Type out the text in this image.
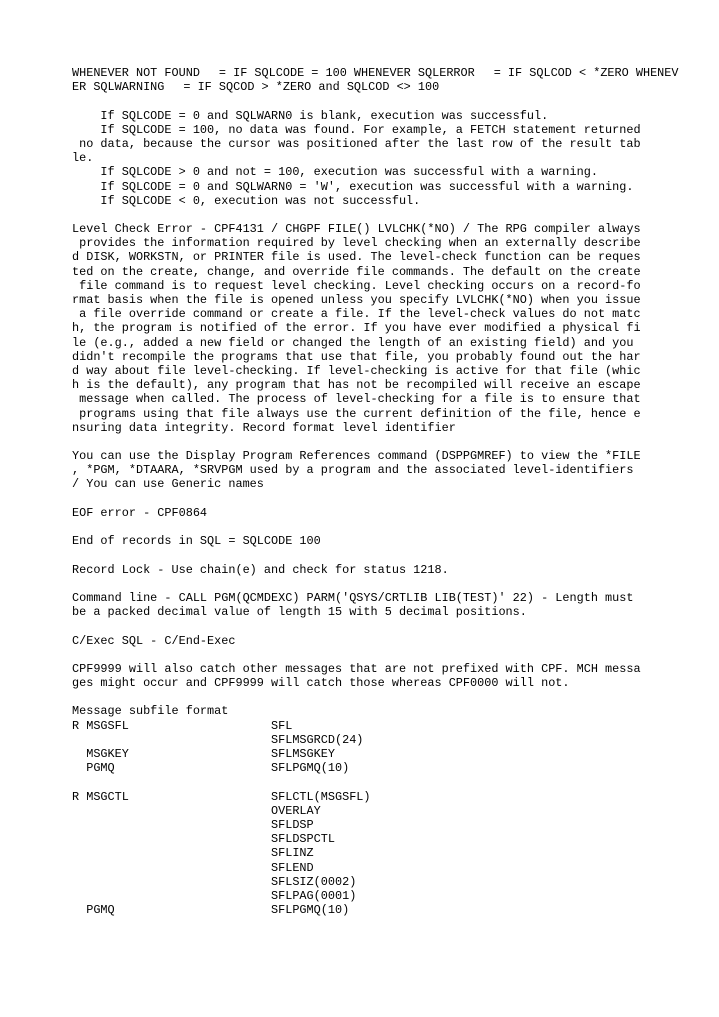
WHENEVER NOT FOUND  = IF SQLCODE = 100 WHENEVER SQLERROR  = IF SQLCOD < *ZERO WHENEV
ER SQLWARNING  = IF SQCOD > *ZERO and SQLCOD <> 100
If SQLCODE = 0 and SQLWARN0 is blank, execution was successful.
If SQLCODE = 100, no data was found. For example, a FETCH statement returned
no data, because the cursor was positioned after the last row of the result tab
le.
If SQLCODE > 0 and not = 100, execution was successful with a warning.
If SQLCODE = 0 and SQLWARN0 = 'W', execution was successful with a warning.
If SQLCODE < 0, execution was not successful.
Level Check Error - CPF4131 / CHGPF FILE() LVLCHK(*NO) / The RPG compiler always
provides the information required by level checking when an externally describe
d DISK, WORKSTN, or PRINTER file is used. The level-check function can be reques
ted on the create, change, and override file commands. The default on the create
file command is to request level checking. Level checking occurs on a record-fo
rmat basis when the file is opened unless you specify LVLCHK(*NO) when you issue
a file override command or create a file. If the level-check values do not matc
h, the program is notified of the error. If you have ever modified a physical fi
le (e.g., added a new field or changed the length of an existing field) and you
didn't recompile the programs that use that file, you probably found out the har
d way about file level-checking. If level-checking is active for that file (whic
h is the default), any program that has not be recompiled will receive an escape
message when called. The process of level-checking for a file is to ensure that
programs using that file always use the current definition of the file, hence e
nsuring data integrity. Record format level identifier
You can use the Display Program References command (DSPPGMREF) to view the *FILE
, *PGM, *DTAARA, *SRVPGM used by a program and the associated level-identifiers
/ You can use Generic names
EOF error - CPF0864
End of records in SQL = SQLCODE 100
Record Lock - Use chain(e) and check for status 1218.
Command line - CALL PGM(QCMDEXC) PARM('QSYS/CRTLIB LIB(TEST)' 22) - Length must
be a packed decimal value of length 15 with 5 decimal positions.
C/Exec SQL - C/End-Exec
CPF9999 will also catch other messages that are not prefixed with CPF. MCH messa
ges might occur and CPF9999 will catch those whereas CPF0000 will not.
Message subfile format
R MSGSFL                    SFL
SFLMSGRCD(24)
MSGKEY                    SFLMSGKEY
PGMQ                      SFLPGMQ(10)
R MSGCTL                    SFLCTL(MSGSFL)
OVERLAY
SFLDSP
SFLDSPCTL
SFLINZ
SFLEND
SFLSIZ(0002)
SFLPAG(0001)
PGMQ                      SFLPGMQ(10)
